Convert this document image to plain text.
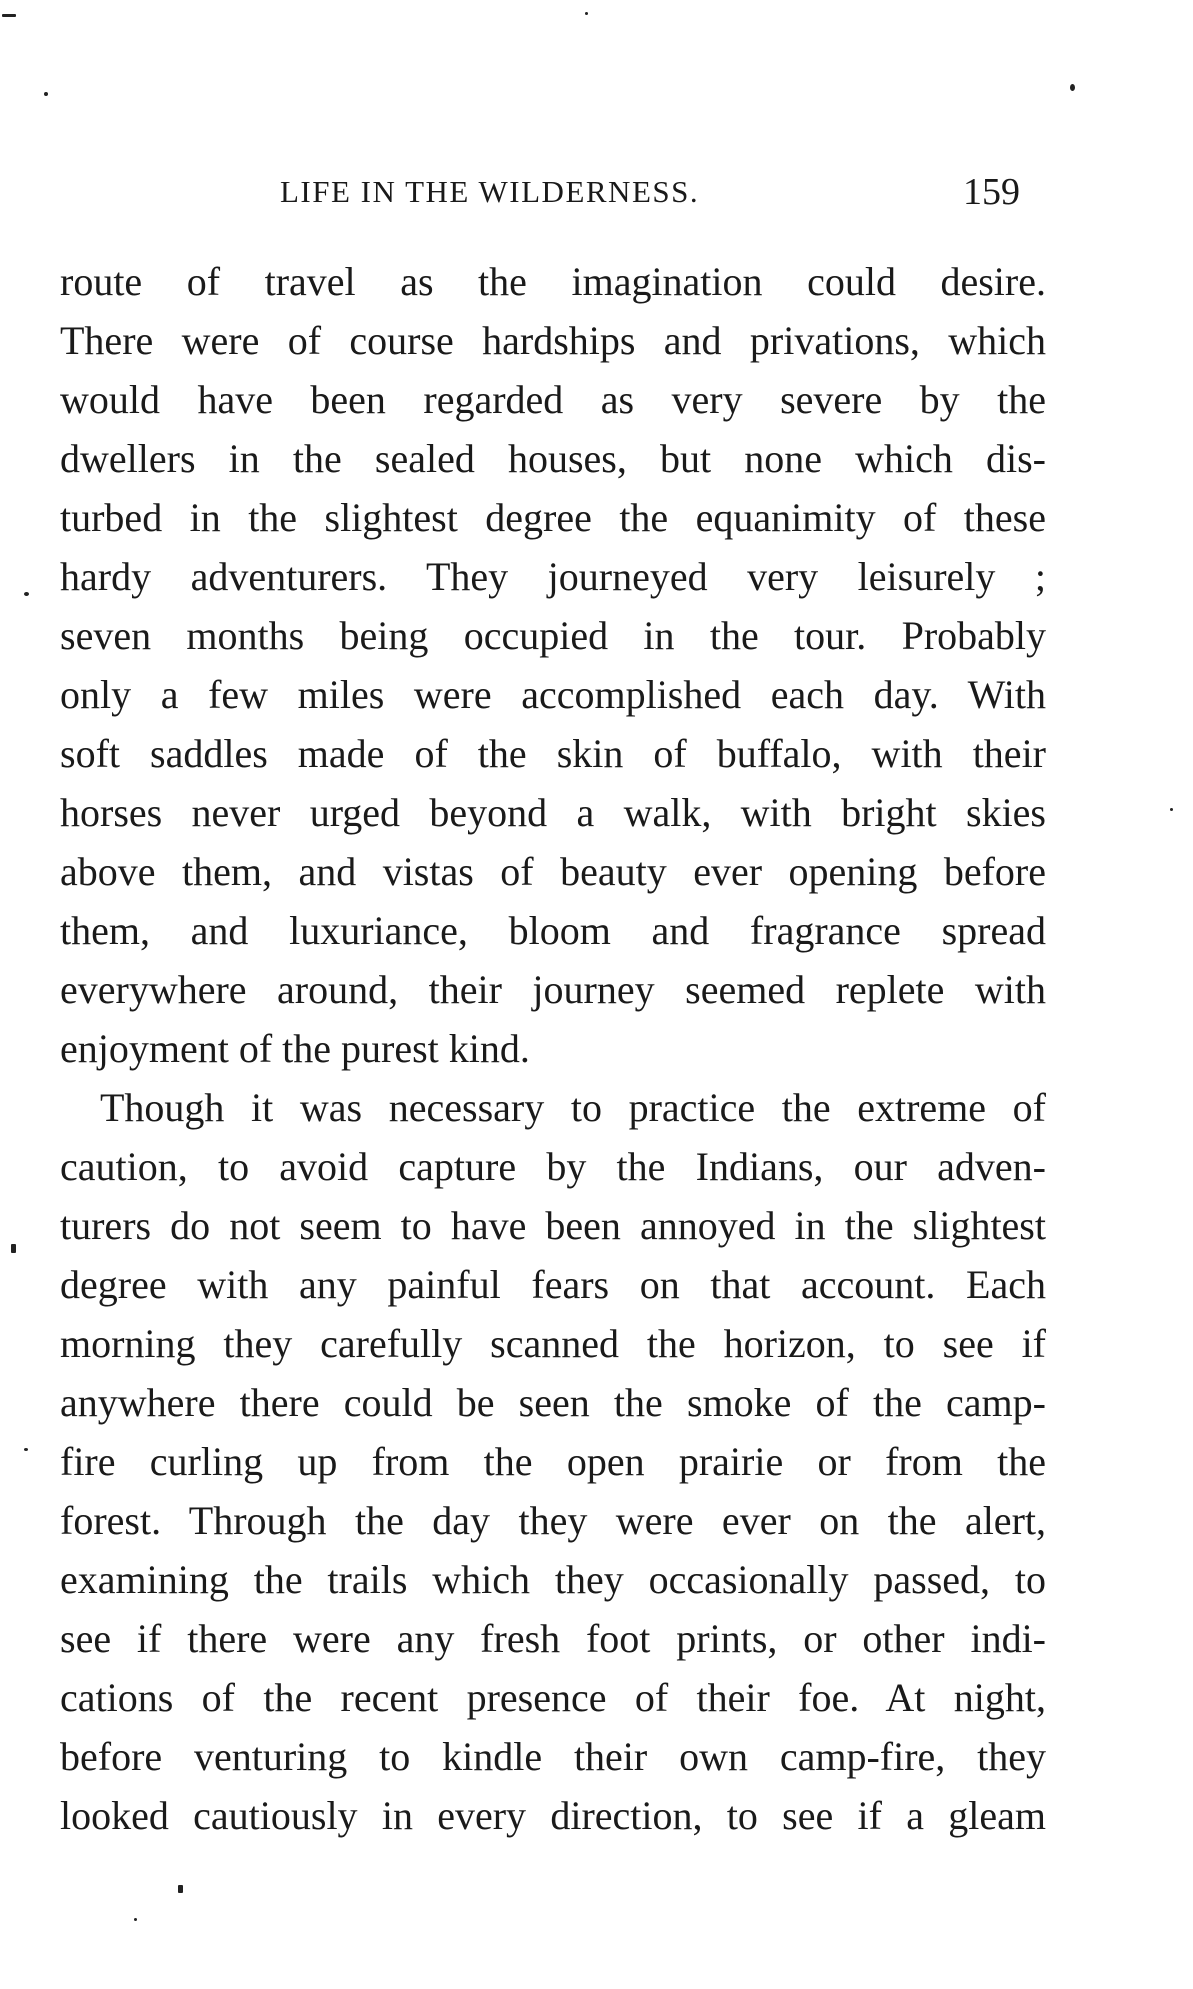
LIFE IN THE WILDERNESS.	159
route of travel as the imagination could desire.
There were of course hardships and privations, which
would have been regarded as very severe by the
dwellers in the sealed houses, but none which dis-
turbed in the slightest degree the equanimity of these
hardy adventurers. They journeyed very leisurely ;
seven months being occupied in the tour. Probably
only a few miles were accomplished each day. With
soft saddles made of the skin of buffalo, with their
horses never urged beyond a walk, with bright skies
above them, and vistas of beauty ever opening before
them, and luxuriance, bloom and fragrance spread
everywhere around, their journey seemed replete with
enjoyment of the purest kind.
Though it was necessary to practice the extreme of
caution, to avoid capture by the Indians, our adven-
turers do not seem to have been annoyed in the slightest
degree with any painful fears on that account. Each
morning they carefully scanned the horizon, to see if
anywhere there could be seen the smoke of the camp-
fire curling up from the open prairie or from the
forest. Through the day they were ever on the alert,
examining the trails which they occasionally passed, to
see if there were any fresh foot prints, or other indi-
cations of the recent presence of their foe. At night,
before venturing to kindle their own camp-fire, they
looked cautiously in every direction, to see if a gleam
